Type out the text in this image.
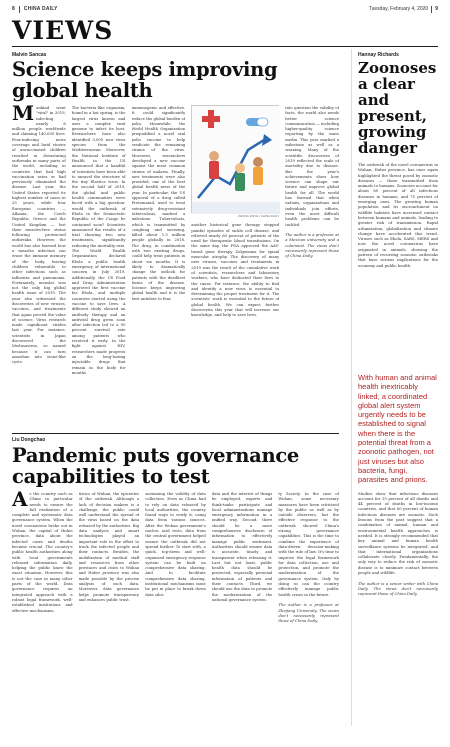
8 CHINA DAILY	Tuesday, February 4, 2020 9
VIEWS
Malvin Sancas
Science keeps improving global health
M ankind went "viral" in 2019, infecting nearly 8 million people worldwide and claiming 140,000 lives. Fear-inducing news coverage and lurid stories of unvaccinated children resulted in devastating outbreaks in many parts of the world, including in countries that had high vaccination rates or had previously eliminated the disease. Last year, the United States reported its highest number of cases in 25 years, while four European countries — Albania, the Czech Republic, Greece and the United Kingdom — lost their measles-free status following protracted outbreaks. However, the world has also learned how a measles infection can erase the immune memory of the body, leaving children vulnerable to other infections such as influenza and pneumonia. Fortunately, measles was not the only big global health issue of 2019. The year also witnessed the discoveries of new viruses, vaccines, and treatments that again proved the value of science. Virus research made significant strides last year. For instance, scientists in Japan discovered the Medusavirus, so named because it can turn amoebae into stone-like cysts.
The bacteria-like organism, found in a hot spring, is the largest virus known and uses a complex viral genome to infect its host. Researchers have also identified 3,000 new virus species from the Mediterranean. Moreover, the National Institute of Health in the US announced that a handful of scientists have been able to unravel the structure of the tiny Elastics virus. In the second half of 2019, the global and public health communities were faced with a big question: would the outbreak of Ebola in the Democratic Republic of the Congo be contained soon? Scientists announced the results of a trial showing two new treatments, significantly reducing the mortality rate. The World Health Organization declared Ebola a public health emergency of international concern in July 2019. Additionally, the US Food and Drug Administration approved the first vaccine for Ebola, and multiple countries started using the vaccine to save lives. A different study showed an antibody therapy and an antiviral drug given soon after infection led to a 90 percent survival rate among patients who received it early. In the fight against HIV, researchers made progress on the long-lasting injectable drugs that remain in the body for months.
immunogenic and effective. It could significantly reduce the global burden of polio. Meanwhile, the World Health Organization prequalified a novel oral polio vaccine to help eradicate the remaining strains of the virus. Moreover, researchers developed a new vaccine against the most common strains of malaria. Finally, new treatments were also provided, one of the best global health news of the year. In particular, the US approval of a drug called Pretomanid, used to treat extensively drug-resistant tuberculosis, marked a milestone. Tuberculosis, which is transmitted by coughing and sneezing, killed about 1.5 million people globally in 2018. The drug, in combination with two existing drugs, could help treat patients in about six months. It is likely to dramatically change the outlook for patients with the deadliest forms of the disease. Science keeps improving global health and it is the best antidote to fear.
ZHONG JINYE / CHINA DAILY
another historical gene therapy stepped painful episodes of sickle cell disease, and relieved nearly 60 percent of patients of the need for therapeutic blood transfusions. On the same day, the FDA approved the AAV-based gene therapy Zolgensma for spinal muscular atrophy. The discovery of many new viruses, vaccines and treatments in 2019 was the result of the cumulative work of scientists, researchers and laboratory workers, who have dedicated their lives to the cause. For instance, the ability to find and identify a new virus is essential to determining the proper treatment for it. The scientists' work is essential to the future of global health. We can expect further discoveries this year that will increase our knowledge, and help to save lives.
into question the validity of facts, the world also needs better science communication — including higher-quality science reporting by the mass media. This year marked a milestone as well as a warning. Many of the scientific discoveries of 2019 reflected the scale of mortality due to disease. But the year's achievements show how science can shape our future and improve global health for all. The world has learned that when nations, organizations and individuals join efforts, even the most difficult health problems can be tackled.

The author is a professor at a Mexican university and a columnist. The views don't necessarily represent those of China Daily.
Liu Dongchao
Pandemic puts governance capabilities to test
A s the country such as China in particular needs to ensure the full realization of a complete and systematic data governance system. When the novel coronavirus broke out in Wuhan, the capital of Hubei province, data about the infected cases and deaths became crucial. The country's public health authorities along with local governments released information daily, helping the public know the exact situation. However, this is not the case in many other parts of the world. Data governance requires an integrated approach with a robust legal framework, well-established institutions and effective mechanisms.
tistics of Wuhan, the epicenter of the outbreak. Although a lack of decision makers is a challenge, the public could well understand the spread of the virus based on the data released by the authorities. Big data analysis and smart technologies played an important role in the effort to track the infected people and their contacts. Besides, the mobilization of medical staff and resources from other provinces and cities to Wuhan and Hubei province was also made possible by the precise analysis of such data. Moreover, data governance helps promote transparency and enhances public trust.
sustaining the validity of data collection. Even as China had to rely on data released by local authorities, the country found ways to verify it, using data from various sources. After the Wuhan government's nucleic acid tests, data from the central government helped ensure the outbreak did not spread further. To start with, a quick, top-down and well-organized emergency response system can be built on comprehensive data sharing. And to facilitate comprehensive data sharing, institutional mechanisms must be put in place to break down data silos.
data and the interest of things be employed, experts and think-tanks participate and local administrations manage emergency information in a unified way. Second, there should be a more comprehensive disclosure of information to effectively manage public sentiment. Authorities should ensure data is accurate, timely and transparent when releasing it. Last but not least, public health data should be protected, especially personal information of patients and their contacts. Third, we should use the data to promote the modernization of the national governance system.
ty Society. In the case of Wuhan, some necessary measures have been criticized by the public as well as by outside observers, but the effective response to the outbreak showed China's strong governance capabilities. This is the time to combine the experience of data-driven decision-making with the rule of law. It's time to improve the legal framework for data collection, use and protection, and promote the modernization of the governance system. Only by doing so can the country effectively manage public health crises in the future.

The author is a professor at Zhejiang University. The views don't necessarily represent those of China Daily.
Hannay Richards
Zoonoses a clear and present, growing danger
The outbreak of the novel coronavirus in Wuhan, Hubei province, has once again highlighted the threat posed by zoonotic diseases — those transmitted from animals to humans. Zoonoses account for about 60 percent of all infectious diseases in humans, and 75 percent of emerging ones. The growing human population and its encroachment on wildlife habitats have increased contact between humans and animals, leading to greater risk of transmission. Rapid urbanization, globalization and climate change have accelerated this trend. Viruses such as Ebola, SARS, MERS and now the novel coronavirus have originated in animals, showing the pattern of recurring zoonotic outbreaks that have serious implications for the economy and public health.
With human and animal health inextricably linked, a coordinated global alert system urgently needs to be established to signal when there is the potential threat from a zoonotic pathogen, not just viruses but also bacteria, fungi, parasites and prions.
Studies show that infectious diseases account for 15 percent of all deaths and 44 percent of deaths in low-income countries, and that 60 percent of human infectious diseases are zoonotic. Such lessons from the past suggest that a combination of animal, human and environmental health approaches is needed. It is strongly recommended that key animal and human health surveillance systems be integrated, and that international organizations collaborate closely. Fundamentally, the only way to reduce the risk of zoonotic disease is to minimize contact between people and wildlife.

The author is a senior writer with China Daily. The views don't necessarily represent those of China Daily.
